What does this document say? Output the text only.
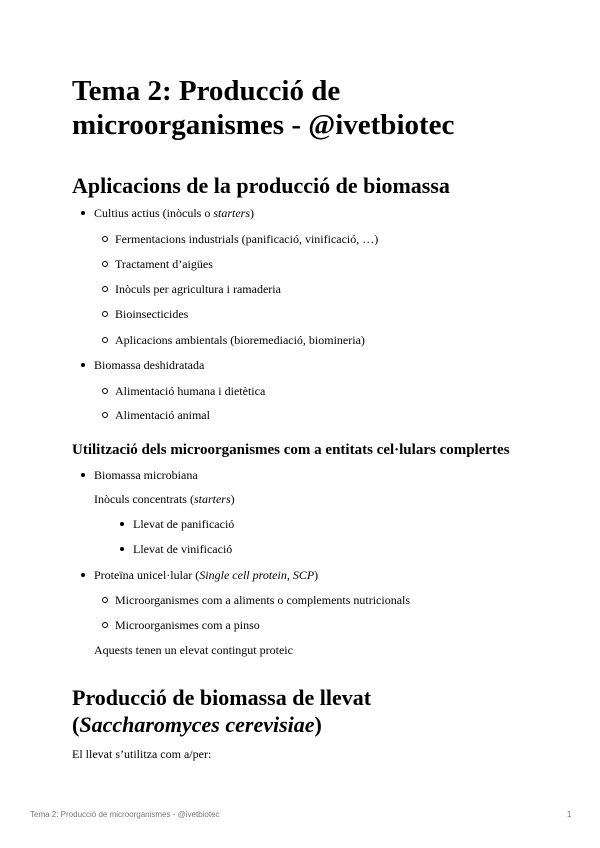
Tema 2: Producció de
microorganismes - @ivetbiotec
Aplicacions de la producció de biomassa
Cultius actius (inòculs o starters)
Fermentacions industrials (panificació, vinificació, …)
Tractament d’aigües
Inòculs per agricultura i ramaderia
Bioinsecticides
Aplicacions ambientals (bioremediació, biomineria)
Biomassa deshidratada
Alimentació humana i dietètica
Alimentació animal
Utilització dels microorganismes com a entitats cel·lulars complertes
Biomassa microbiana
Inòculs concentrats (starters)
Llevat de panificació
Llevat de vinificació
Proteïna unicel·lular (Single cell protein, SCP)
Microorganismes com a aliments o complements nutricionals
Microorganismes com a pinso
Aquests tenen un elevat contingut proteic
Producció de biomassa de llevat
(Saccharomyces cerevisiae)
El llevat s’utilitza com a/per:
Tema 2: Producció de microorganismes - @ivetbiotec	1
